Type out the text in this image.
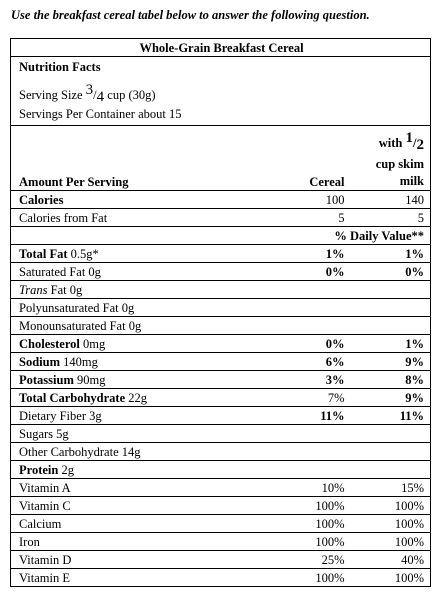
Use the breakfast cereal tabel below to answer the following question.
Whole-Grain Breakfast Cereal		
Nutrition Facts		
Serving Size 3/4 cup (30g)		
Servings Per Container about 15		
Amount Per Serving	Cereal	with 1/2
cup skim
milk

Calories	100	140
Calories from Fat	5	5
	% Daily Value**	
Total Fat 0.5g*	1%	1%
Saturated Fat 0g	0%	0%
Trans Fat 0g		
Polyunsaturated Fat 0g		
Monounsaturated Fat 0g		
Cholesterol 0mg	0%	1%
Sodium 140mg	6%	9%
Potassium 90mg	3%	8%
Total Carbohydrate 22g	7%	9%
Dietary Fiber 3g	11%	11%
Sugars 5g		
Other Carbohydrate 14g		
Protein 2g		
Vitamin A	10%	15%
Vitamin C	100%	100%
Calcium	100%	100%
Iron	100%	100%
Vitamin D	25%	40%
Vitamin E	100%	100%
